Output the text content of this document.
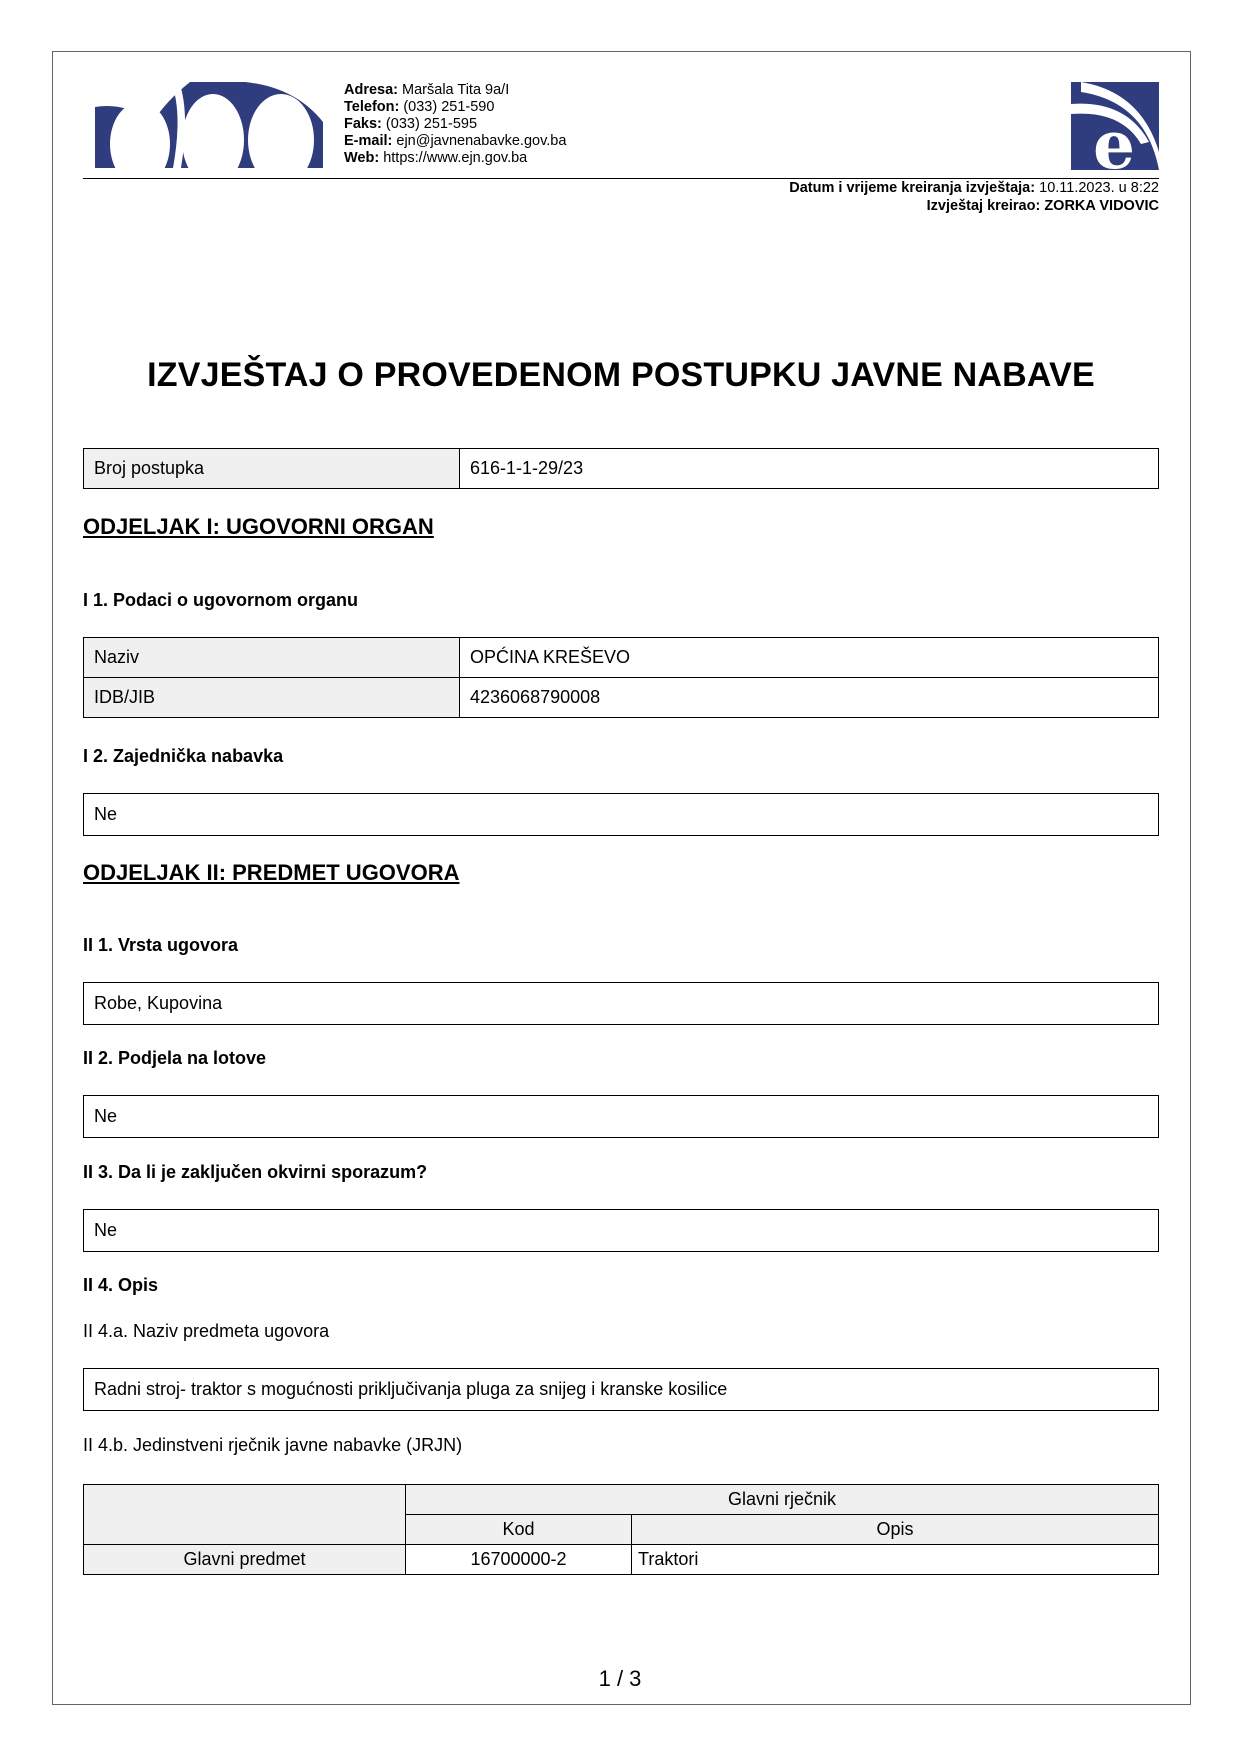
Adresa: Maršala Tita 9a/I
Telefon: (033) 251-590
Faks: (033) 251-595
E-mail: ejn@javnenabavke.gov.ba
Web: https://www.ejn.gov.ba	e
Datum i vrijeme kreiranja izvještaja: 10.11.2023. u 8:22
Izvještaj kreirao: ZORKA VIDOVIC
IZVJEŠTAJ O PROVEDENOM POSTUPKU JAVNE NABAVE
Broj postupka	616-1-1-29/23
ODJELJAK I: UGOVORNI ORGAN
I 1. Podaci o ugovornom organu
Naziv	OPĆINA KREŠEVO
IDB/JIB	4236068790008
I 2. Zajednička nabavka
Ne
ODJELJAK II: PREDMET UGOVORA
II 1. Vrsta ugovora
Robe, Kupovina
II 2. Podjela na lotove
Ne
II 3. Da li je zaključen okvirni sporazum?
Ne
II 4. Opis
II 4.a. Naziv predmeta ugovora
Radni stroj- traktor s mogućnosti priključivanja pluga za snijeg i kranske kosilice
II 4.b. Jedinstveni rječnik javne nabavke (JRJN)
	Glavni rječnik	
	Kod	Opis
Glavni predmet	16700000-2	Traktori
1 / 3
